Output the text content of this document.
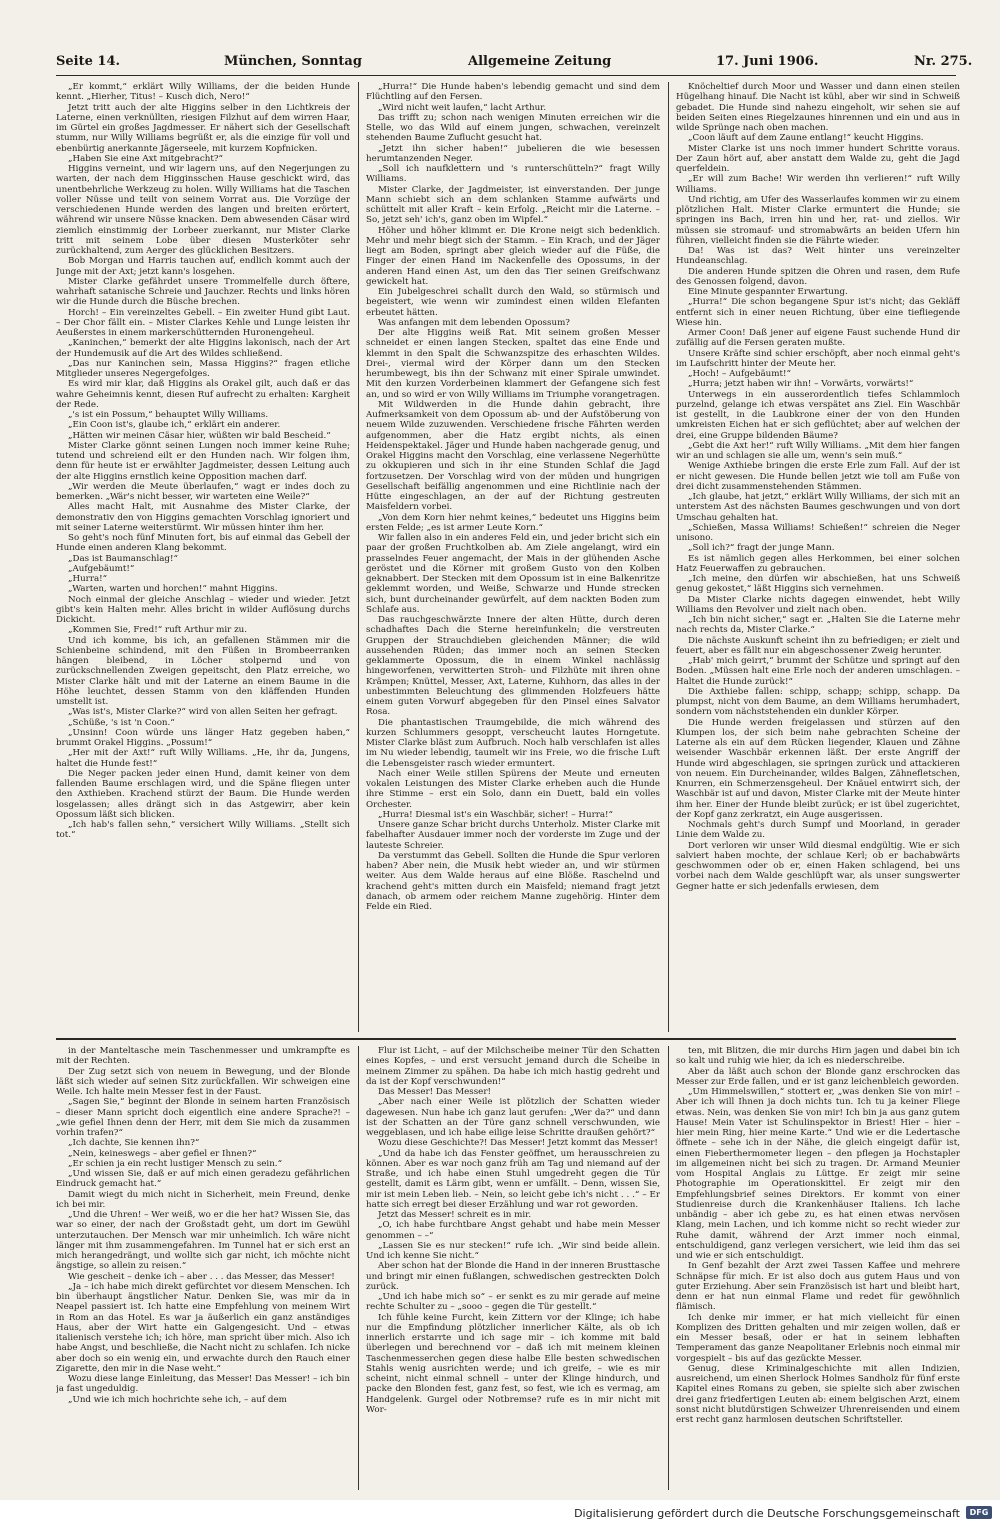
Seite 14.	München, Sonntag	Allgemeine Zeitung	17. Juni 1906.	Nr. 275.

„Er kommt,“ erklärt Willy Williams, der die beiden Hunde kennt. „Hierher, Titus! – Kusch dich, Nero!“

Jetzt tritt auch der alte Higgins selber in den Lichtkreis der Laterne, einen verknüllten, riesigen Filzhut auf dem wirren Haar, im Gürtel ein großes Jagdmesser. Er nähert sich der Gesellschaft stumm, nur Willy Williams begrüßt er, als die einzige für voll und ebenbürtig anerkannte Jägerseele, mit kurzem Kopfnicken.

„Haben Sie eine Axt mitgebracht?“

Higgins verneint, und wir lagern uns, auf den Negerjungen zu warten, der nach dem Higginsschen Hause geschickt wird, das unentbehrliche Werkzeug zu holen. Willy Williams hat die Taschen voller Nüsse und teilt von seinem Vorrat aus. Die Vorzüge der verschiedenen Hunde werden des langen und breiten erörtert, während wir unsere Nüsse knacken. Dem abwesenden Cäsar wird ziemlich einstimmig der Lorbeer zuerkannt, nur Mister Clarke tritt mit seinem Lobe über diesen Musterköter sehr zurückhaltend, zum Aerger des glücklichen Besitzers.

Bob Morgan und Harris tauchen auf, endlich kommt auch der Junge mit der Axt; jetzt kann's losgehen.

Mister Clarke gefährdet unsere Trommelfelle durch öftere, wahrhaft satanische Schreie und Jauchzer. Rechts und links hören wir die Hunde durch die Büsche brechen.

Horch! – Ein vereinzeltes Gebell. – Ein zweiter Hund gibt Laut. – Der Chor fällt ein. – Mister Clarkes Kehle und Lunge leisten ihr Aeußerstes in einem markerschütternden Huronengeheul.

„Kaninchen,“ bemerkt der alte Higgins lakonisch, nach der Art der Hundemusik auf die Art des Wildes schließend.

„Das nur Kaninchen sein, Massa Higgins?“ fragen etliche Mitglieder unseres Negergefolges.

Es wird mir klar, daß Higgins als Orakel gilt, auch daß er das wahre Geheimnis kennt, diesen Ruf aufrecht zu erhalten: Kargheit der Rede.

„'s ist ein Possum,“ behauptet Willy Williams.

„Ein Coon ist's, glaube ich,“ erklärt ein anderer.

„Hätten wir meinen Cäsar hier, wüßten wir bald Bescheid.“

Mister Clarke gönnt seinen Lungen noch immer keine Ruhe; tutend und schreiend eilt er den Hunden nach. Wir folgen ihm, denn für heute ist er erwählter Jagdmeister, dessen Leitung auch der alte Higgins ernstlich keine Opposition machen darf.

„Wir werden die Meute überlaufen,“ wagt er indes doch zu bemerken. „Wär's nicht besser, wir warteten eine Weile?“

Alles macht Halt, mit Ausnahme des Mister Clarke, der demonstrativ den von Higgins gemachten Vorschlag ignoriert und mit seiner Laterne weiterstürmt. Wir müssen hinter ihm her.

So geht's noch fünf Minuten fort, bis auf einmal das Gebell der Hunde einen anderen Klang bekommt.

„Das ist Baumanschlag!“

„Aufgebäumt!“

„Hurra!“

„Warten, warten und horchen!“ mahnt Higgins.

Noch einmal der gleiche Anschlag – wieder und wieder. Jetzt gibt's kein Halten mehr. Alles bricht in wilder Auflösung durchs Dickicht.

„Kommen Sie, Fred!“ ruft Arthur mir zu.

Und ich komme, bis ich, an gefallenen Stämmen mir die Schienbeine schindend, mit den Füßen in Brombeerranken hängen bleibend, in Löcher stolpernd und von zurückschnellenden Zweigen gepeitscht, den Platz erreiche, wo Mister Clarke hält und mit der Laterne an einem Baume in die Höhe leuchtet, dessen Stamm von den kläffenden Hunden umstellt ist.

„Was ist's, Mister Clarke?“ wird von allen Seiten her gefragt.

„Schüße, 's ist 'n Coon.“

„Unsinn! Coon würde uns länger Hatz gegeben haben,“ brummt Orakel Higgins. „Possum!“

„Her mit der Axt!“ ruft Willy Williams. „He, ihr da, Jungens, haltet die Hunde fest!“

Die Neger packen jeder einen Hund, damit keiner von dem fallenden Baume erschlagen wird, und die Späne fliegen unter den Axthieben. Krachend stürzt der Baum. Die Hunde werden losgelassen; alles drängt sich in das Astgewirr, aber kein Opossum läßt sich blicken.

„Ich hab's fallen sehn,“ versichert Willy Williams. „Stellt sich tot.“

„Hurra!“ Die Hunde haben's lebendig gemacht und sind dem Flüchtling auf den Fersen.

„Wird nicht weit laufen,“ lacht Arthur.

Das trifft zu; schon nach wenigen Minuten erreichen wir die Stelle, wo das Wild auf einem jungen, schwachen, vereinzelt stehenden Baume Zuflucht gesucht hat.

„Jetzt ihn sicher haben!“ jubelieren die wie besessen herumtanzenden Neger.

„Soll ich naufklettern und 's runterschütteln?“ fragt Willy Williams.

Mister Clarke, der Jagdmeister, ist einverstanden. Der junge Mann schiebt sich an dem schlanken Stamme aufwärts und schüttelt mit aller Kraft – kein Erfolg. „Reicht mir die Laterne. – So, jetzt seh' ich's, ganz oben im Wipfel.“

Höher und höher klimmt er. Die Krone neigt sich bedenklich. Mehr und mehr biegt sich der Stamm. – Ein Krach, und der Jäger liegt am Boden, springt aber gleich wieder auf die Füße, die Finger der einen Hand im Nackenfelle des Opossums, in der anderen Hand einen Ast, um den das Tier seinen Greifschwanz gewickelt hat.

Ein Jubelgeschrei schallt durch den Wald, so stürmisch und begeistert, wie wenn wir zumindest einen wilden Elefanten erbeutet hätten.

Was anfangen mit dem lebenden Opossum?

Der alte Higgins weiß Rat. Mit seinem großen Messer schneidet er einen langen Stecken, spaltet das eine Ende und klemmt in den Spalt die Schwanzspitze des erhaschten Wildes. Drei-, viermal wird der Körper dann um den Stecken herumbewegt, bis ihn der Schwanz mit einer Spirale umwindet. Mit den kurzen Vorderbeinen klammert der Gefangene sich fest an, und so wird er von Willy Williams im Triumphe vorangetragen.

Mit Wildwerden in die Hunde dahin gebracht, ihre Aufmerksamkeit von dem Opossum ab- und der Aufstöberung von neuem Wilde zuzuwenden. Verschiedene frische Fährten werden aufgenommen, aber die Hatz ergibt nichts, als einen Heidenspektakel. Jäger und Hunde haben nachgerade genug, und Orakel Higgins macht den Vorschlag, eine verlassene Negerhütte zu okkupieren und sich in ihr eine Stunden Schlaf die Jagd fortzusetzen. Der Vorschlag wird von der müden und hungrigen Gesellschaft beifällig angenommen und eine Richtlinie nach der Hütte eingeschlagen, an der auf der Richtung gestreuten Maisfeldern vorbei.

„Von dem Korn hier nehmt keines,“ bedeutet uns Higgins beim ersten Felde; „es ist armer Leute Korn.“

Wir fallen also in ein anderes Feld ein, und jeder bricht sich ein paar der großen Fruchtkolben ab. Am Ziele angelangt, wird ein prasselndes Feuer angemacht, der Mais in der glühenden Asche geröstet und die Körner mit großem Gusto von den Kolben geknabbert. Der Stecken mit dem Opossum ist in eine Balkenritze geklemmt worden, und Weiße, Schwarze und Hunde strecken sich, bunt durcheinander gewürfelt, auf dem nackten Boden zum Schlafe aus.

Das rauchgeschwärzte Innere der alten Hütte, durch deren schadhaftes Dach die Sterne hereinfunkeln; die verstreuten Gruppen der Strauchdieben gleichenden Männer; die wild aussehenden Rüden; das immer noch an seinen Stecken geklammerte Opossum, die in einem Winkel nachlässig hingeworfenen, verwitterten Stroh- und Filzhüte mit ihren ohne Krämpen; Knüttel, Messer, Axt, Laterne, Kuhhorn, das alles in der unbestimmten Beleuchtung des glimmenden Holzfeuers hätte einem guten Vorwurf abgegeben für den Pinsel eines Salvator Rosa.

Die phantastischen Traumgebilde, die mich während des kurzen Schlummers gesoppt, verscheucht lautes Horngetute. Mister Clarke bläst zum Aufbruch. Noch halb verschlafen ist alles im Nu wieder lebendig, taumelt wir ins Freie, wo die frische Luft die Lebensgeister rasch wieder ermuntert.

Nach einer Weile stillen Spürens der Meute und erneuten vokalen Leistungen des Mister Clarke erheben auch die Hunde ihre Stimme – erst ein Solo, dann ein Duett, bald ein volles Orchester.

„Hurra! Diesmal ist's ein Waschbär, sicher! – Hurra!“

Unsere ganze Schar bricht durchs Unterholz. Mister Clarke mit fabelhafter Ausdauer immer noch der vorderste im Zuge und der lauteste Schreier.

Da verstummt das Gebell. Sollten die Hunde die Spur verloren haben? Aber nein, die Musik hebt wieder an, und wir stürmen weiter. Aus dem Walde heraus auf eine Blöße. Raschelnd und krachend geht's mitten durch ein Maisfeld; niemand fragt jetzt danach, ob armem oder reichem Manne zugehörig. Hinter dem Felde ein Ried.

Knöcheltief durch Moor und Wasser und dann einen steilen Hügelhang hinauf. Die Nacht ist kühl, aber wir sind in Schweiß gebadet. Die Hunde sind nahezu eingeholt, wir sehen sie auf beiden Seiten eines Riegelzaunes hinrennen und ein und aus in wilde Sprünge nach oben machen.

„Coon läuft auf dem Zaune entlang!“ keucht Higgins.

Mister Clarke ist uns noch immer hundert Schritte voraus. Der Zaun hört auf, aber anstatt dem Walde zu, geht die Jagd querfeldein.

„Er will zum Bache! Wir werden ihn verlieren!“ ruft Willy Williams.

Und richtig, am Ufer des Wasserlaufes kommen wir zu einem plötzlichen Halt. Mister Clarke ermuntert die Hunde; sie springen ins Bach, irren hin und her, rat- und ziellos. Wir müssen sie stromauf- und stromabwärts an beiden Ufern hin führen, vielleicht finden sie die Fährte wieder.

Da! Was ist das? Weit hinter uns vereinzelter Hundeanschlag.

Die anderen Hunde spitzen die Ohren und rasen, dem Rufe des Genossen folgend, davon.

Eine Minute gespannter Erwartung.

„Hurra!“ Die schon begangene Spur ist's nicht; das Gekläff entfernt sich in einer neuen Richtung, über eine tiefliegende Wiese hin.

Armer Coon! Daß jener auf eigene Faust suchende Hund dir zufällig auf die Fersen geraten mußte.

Unsere Kräfte sind schier erschöpft, aber noch einmal geht's im Laufschritt hinter der Meute her.

„Hoch! – Aufgebäumt!“

„Hurra; jetzt haben wir ihn! – Vorwärts, vorwärts!“

Unterwegs in ein ausserordentlich tiefes Schlammloch purzelnd, gelange ich etwas verspätet ans Ziel. Ein Waschbär ist gestellt, in die Laubkrone einer der von den Hunden umkreisten Eichen hat er sich geflüchtet; aber auf welchen der drei, eine Gruppe bildenden Bäume?

„Gebt die Axt her!“ ruft Willy Williams. „Mit dem hier fangen wir an und schlagen sie alle um, wenn's sein muß.“

Wenige Axthiebe bringen die erste Erle zum Fall. Auf der ist er nicht gewesen. Die Hunde bellen jetzt wie toll am Fuße von drei dicht zusammenstehenden Stämmen.

„Ich glaube, hat jetzt,“ erklärt Willy Williams, der sich mit an unterstem Ast des nächsten Baumes geschwungen und von dort Umschau gehalten hat.

„Schießen, Massa Williams! Schießen!“ schreien die Neger unisono.

„Soll ich?“ fragt der junge Mann.

Es ist nämlich gegen alles Herkommen, bei einer solchen Hatz Feuerwaffen zu gebrauchen.

„Ich meine, den dürfen wir abschießen, hat uns Schweiß genug gekostet,“ läßt Higgins sich vernehmen.

Da Mister Clarke nichts dagegen einwendet, hebt Willy Williams den Revolver und zielt nach oben.

„Ich bin nicht sicher,“ sagt er. „Halten Sie die Laterne mehr nach rechts da, Mister Clarke.“

Die nächste Auskunft scheint ihn zu befriedigen; er zielt und feuert, aber es fällt nur ein abgeschossener Zweig herunter.

„Hab' mich geirrt,“ brummt der Schütze und springt auf den Boden. „Müssen halt eine Erle noch der anderen umschlagen. – Haltet die Hunde zurück!“

Die Axthiebe fallen: schipp, schapp; schipp, schapp. Da plumpst, nicht von dem Baume, an dem Williams herumhadert, sondern vom nächststehenden ein dunkler Körper.

Die Hunde werden freigelassen und stürzen auf den Klumpen los, der sich beim nahe gebrachten Scheine der Laterne als ein auf dem Rücken liegender, Klauen und Zähne weisender Waschbär erkennen läßt. Der erste Angriff der Hunde wird abgeschlagen, sie springen zurück und attackieren von neuem. Ein Durcheinander, wildes Balgen, Zähnefletschen, Knurren, ein Schmerzensgeheul. Der Knäuel entwirrt sich, der Waschbär ist auf und davon, Mister Clarke mit der Meute hinter ihm her. Einer der Hunde bleibt zurück; er ist übel zugerichtet, der Kopf ganz zerkratzt, ein Auge ausgerissen.

Nochmals geht's durch Sumpf und Moorland, in gerader Linie dem Walde zu.

Dort verloren wir unser Wild diesmal endgültig. Wie er sich salviert haben mochte, der schlaue Kerl; ob er bachabwärts geschwommen oder ob er, einen Haken schlagend, bei uns vorbei nach dem Walde geschlüpft war, als unser sungswerter Gegner hatte er sich jedenfalls erwiesen, dem

in der Manteltasche mein Taschenmesser und umkrampfte es mit der Rechten.

Der Zug setzt sich von neuem in Bewegung, und der Blonde läßt sich wieder auf seinen Sitz zurückfallen. Wir schweigen eine Weile. Ich halte mein Messer fest in der Faust.

„Sagen Sie,“ beginnt der Blonde in seinem harten Französisch – dieser Mann spricht doch eigentlich eine andere Sprache?! – „wie gefiel Ihnen denn der Herr, mit dem Sie mich da zusammen vorhin trafen?“

„Ich dachte, Sie kennen ihn?“

„Nein, keineswegs – aber gefiel er Ihnen?“

„Er schien ja ein recht lustiger Mensch zu sein.“

„Und wissen Sie, daß er auf mich einen geradezu gefährlichen Eindruck gemacht hat.“

Damit wiegt du mich nicht in Sicherheit, mein Freund, denke ich bei mir.

„Und die Uhren! – Wer weiß, wo er die her hat? Wissen Sie, das war so einer, der nach der Großstadt geht, um dort im Gewühl unterzutauchen. Der Mensch war mir unheimlich. Ich wäre nicht länger mit ihm zusammengefahren. Im Tunnel hat er sich erst an mich herangedrängt, und wollte sich gar nicht, ich möchte nicht ängstige, so allein zu reisen.“

Wie gescheit – denke ich – aber . . . das Messer, das Messer!

„Ja – ich habe mich direkt gefürchtet vor diesem Menschen. Ich bin überhaupt ängstlicher Natur. Denken Sie, was mir da in Neapel passiert ist. Ich hatte eine Empfehlung von meinem Wirt in Rom an das Hotel. Es war ja äußerlich ein ganz anständiges Haus, aber der Wirt hatte ein Galgengesicht. Und – etwas italienisch verstehe ich; ich höre, man spricht über mich. Also ich habe Angst, und beschließe, die Nacht nicht zu schlafen. Ich nicke aber doch so ein wenig ein, und erwachte durch den Rauch einer Zigarette, den mir in die Nase weht.“

Wozu diese lange Einleitung, das Messer! Das Messer! – ich bin ja fast ungeduldig.

„Und wie ich mich hochrichte sehe ich, – auf dem

Flur ist Licht, – auf der Milchscheibe meiner Tür den Schatten eines Kopfes, – und erst versucht jemand durch die Scheibe in meinem Zimmer zu spähen. Da habe ich mich hastig gedreht und da ist der Kopf verschwunden!“

Das Messer! Das Messer!

„Aber nach einer Weile ist plötzlich der Schatten wieder dagewesen. Nun habe ich ganz laut gerufen: „Wer da?“ und dann ist der Schatten an der Türe ganz schnell verschwunden, wie weggeblasen, und ich habe eilige leise Schritte draußen gehört?“

Wozu diese Geschichte?! Das Messer! Jetzt kommt das Messer!

„Und da habe ich das Fenster geöffnet, um herausschreien zu können. Aber es war noch ganz früh am Tag und niemand auf der Straße, und ich habe einen Stuhl umgedreht gegen die Tür gestellt, damit es Lärm gibt, wenn er umfällt. – Denn, wissen Sie, mir ist mein Leben lieb. – Nein, so leicht gebe ich's nicht . . .“ – Er hatte sich erregt bei dieser Erzählung und war rot geworden.

Jetzt das Messer! schreit es in mir.

„O, ich habe furchtbare Angst gehabt und habe mein Messer genommen – –“

„Lassen Sie es nur stecken!“ rufe ich. „Wir sind beide allein. Und ich kenne Sie nicht.“

Aber schon hat der Blonde die Hand in der inneren Brusttasche und bringt mir einen fußlangen, schwedischen gestreckten Dolch zurück.

„Und ich habe mich so“ – er senkt es zu mir gerade auf meine rechte Schulter zu – „sooo – gegen die Tür gestellt.“

Ich fühle keine Furcht, kein Zittern vor der Klinge; ich habe nur die Empfindung plötzlicher innerlicher Kälte, als ob ich innerlich erstarrte und ich sage mir – ich komme mit bald überlegen und berechnend vor – daß ich mit meinem kleinen Taschenmesserchen gegen diese halbe Elle besten schwedischen Stahls wenig ausrichten werde; und ich greife, – wie es mir scheint, nicht einmal schnell – unter der Klinge hindurch, und packe den Blonden fest, ganz fest, so fest, wie ich es vermag, am Handgelenk. Gurgel oder Notbremse? rufe es in mir nicht mit Wor-

ten, mit Blitzen, die mir durchs Hirn jagen und dabei bin ich so kalt und ruhig wie hier, da ich es niederschreibe.

Aber da läßt auch schon der Blonde ganz erschrocken das Messer zur Erde fallen, und er ist ganz leichenbleich geworden.

„Um Himmelswillen,“ stottert er, „was denken Sie von mir! – Aber ich will Ihnen ja doch nichts tun. Ich tu ja keiner Fliege etwas. Nein, was denken Sie von mir! Ich bin ja aus ganz gutem Hause! Mein Vater ist Schulinspektor in Briest! Hier – hier – hier mein Ring, hier meine Karte.“ Und wie er die Ledertasche öffnete – sehe ich in der Nähe, die gleich eingeigt dafür ist, einen Fieberthermometer liegen – den pflegen ja Hochstapler im allgemeinen nicht bei sich zu tragen. Dr. Armand Meunier vom Hospital Anglais zu Lüttge. Er zeigt mir seine Photographie im Operationskittel. Er zeigt mir den Empfehlungsbrief seines Direktors. Er kommt von einer Studienreise durch die Krankenhäuser Italiens. Ich lache unbändig – aber ich gebe zu, es hat einen etwas nervösen Klang, mein Lachen, und ich komme nicht so recht wieder zur Ruhe damit, während der Arzt immer noch einmal, entschuldigend, ganz verlegen versichert, wie leid ihm das sei und wie er sich entschuldigt.

In Genf bezahlt der Arzt zwei Tassen Kaffee und mehrere Schnäpse für mich. Er ist also doch aus gutem Haus und von guter Erziehung. Aber sein Französisch ist hart und bleibt hart, denn er hat nun einmal Flame und redet für gewöhnlich flämisch.

Ich denke mir immer, er hat mich vielleicht für einen Komplizen des Dritten gehalten und mir zeigen wollen, daß er ein Messer besaß, oder er hat in seinem lebhaften Temperament das ganze Neapolitaner Erlebnis noch einmal mir vorgespielt – bis auf das gezückte Messer.

Genug, diese Kriminalgeschichte mit allen Indizien, ausreichend, um einen Sherlock Holmes Sandholz für fünf erste Kapitel eines Romans zu geben, sie spielte sich aber zwischen drei ganz friedfertigen Leuten ab: einem belgischen Arzt, einem sonst nicht blutdürstigen Schweizer Uhrenreisenden und einem erst recht ganz harmlosen deutschen Schriftsteller.

Digitalisierung gefördert durch die Deutsche Forschungsgemeinschaft	DFG
